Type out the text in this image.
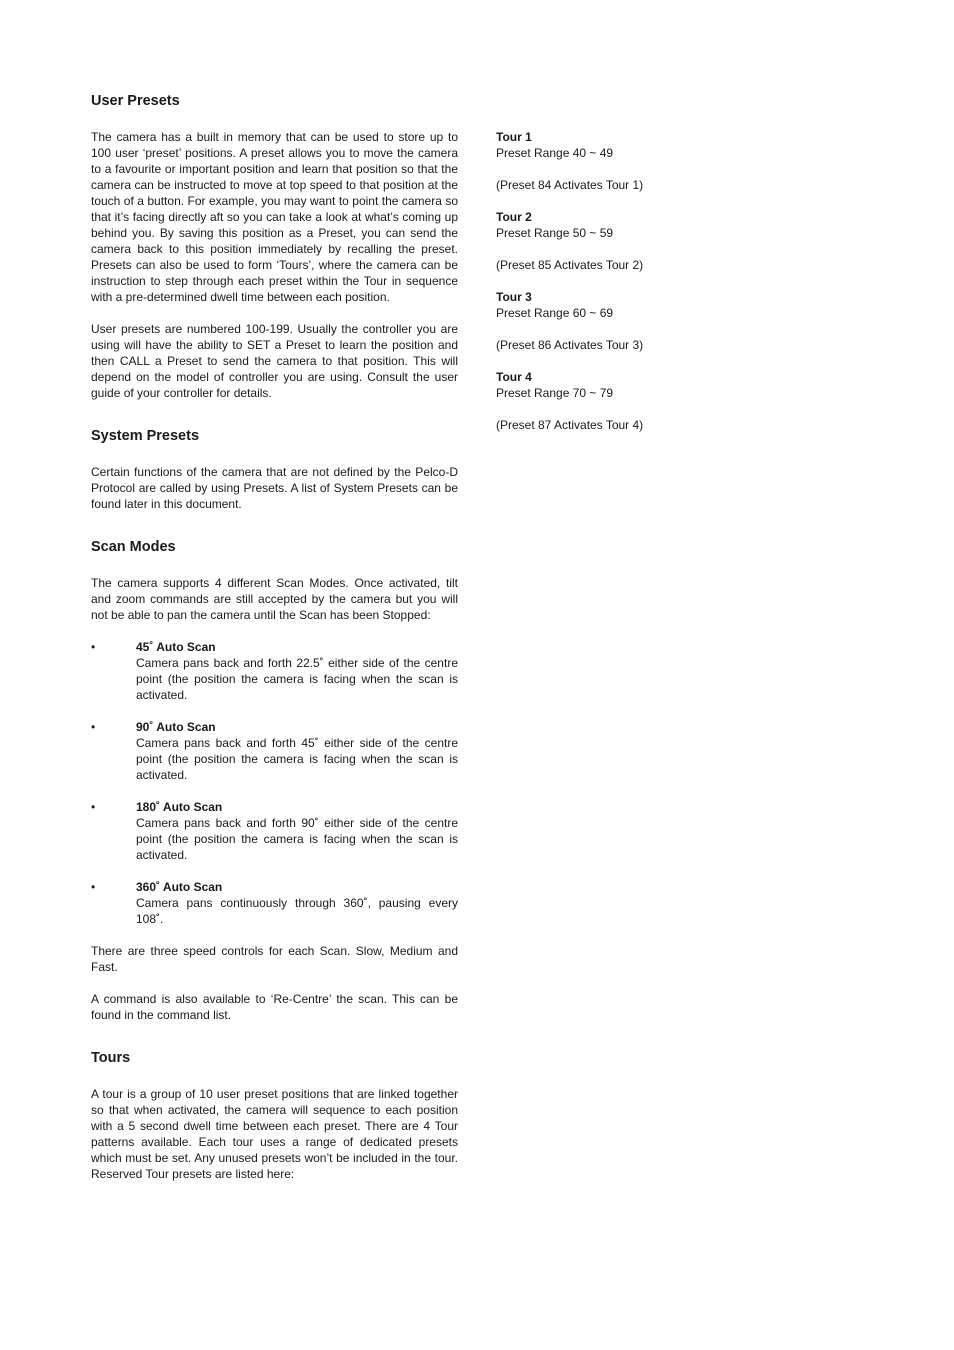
User Presets

The camera has a built in memory that can be used to store up to 100 user ‘preset’ positions. A preset allows you to move the camera to a favourite or important position and learn that position so that the camera can be instructed to move at top speed to that position at the touch of a button. For example, you may want to point the camera so that it’s facing directly aft so you can take a look at what’s coming up behind you. By saving this position as a Preset, you can send the camera back to this position immediately by recalling the preset. Presets can also be used to form ‘Tours’, where the camera can be instruction to step through each preset within the Tour in sequence with a pre-determined dwell time between each position.

User presets are numbered 100-199. Usually the controller you are using will have the ability to SET a Preset to learn the position and then CALL a Preset to send the camera to that position. This will depend on the model of controller you are using. Consult the user guide of your controller for details.

System Presets

Certain functions of the camera that are not defined by the Pelco-D Protocol are called by using Presets. A list of System Presets can be found later in this document.

Scan Modes

The camera supports 4 different Scan Modes. Once activated, tilt and zoom commands are still accepted by the camera but you will not be able to pan the camera until the Scan has been Stopped:

•	45˚ Auto Scan
Camera pans back and forth 22.5˚ either side of the centre point (the position the camera is facing when the scan is activated.
•	90˚ Auto Scan
Camera pans back and forth 45˚ either side of the centre point (the position the camera is facing when the scan is activated.
•	180˚ Auto Scan
Camera pans back and forth 90˚ either side of the centre point (the position the camera is facing when the scan is activated.
•	360˚ Auto Scan
Camera pans continuously through 360˚, pausing every 108˚.

There are three speed controls for each Scan. Slow, Medium and Fast.

A command is also available to ‘Re-Centre’ the scan. This can be found in the command list.

Tours

A tour is a group of 10 user preset positions that are linked together so that when activated, the camera will sequence to each position with a 5 second dwell time between each preset. There are 4 Tour patterns available. Each tour uses a range of dedicated presets which must be set. Any unused presets won’t be included in the tour. Reserved Tour presets are listed here:

Tour 1
Preset Range 40 ~ 49
(Preset 84 Activates Tour 1)
Tour 2
Preset Range 50 ~ 59
(Preset 85 Activates Tour 2)
Tour 3
Preset Range 60 ~ 69
(Preset 86 Activates Tour 3)
Tour 4
Preset Range 70 ~ 79
(Preset 87 Activates Tour 4)
